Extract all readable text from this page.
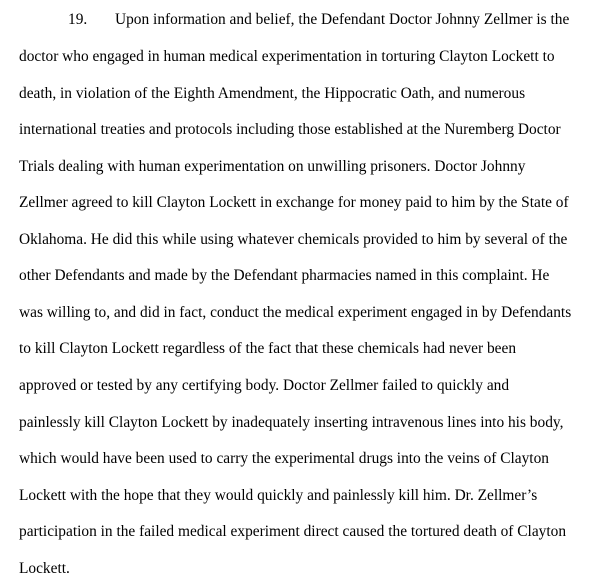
19. Upon information and belief, the Defendant Doctor Johnny Zellmer is the
doctor who engaged in human medical experimentation in torturing Clayton Lockett to
death, in violation of the Eighth Amendment, the Hippocratic Oath, and numerous
international treaties and protocols including those established at the Nuremberg Doctor
Trials dealing with human experimentation on unwilling prisoners. Doctor Johnny
Zellmer agreed to kill Clayton Lockett in exchange for money paid to him by the State of
Oklahoma. He did this while using whatever chemicals provided to him by several of the
other Defendants and made by the Defendant pharmacies named in this complaint. He
was willing to, and did in fact, conduct the medical experiment engaged in by Defendants
to kill Clayton Lockett regardless of the fact that these chemicals had never been
approved or tested by any certifying body. Doctor Zellmer failed to quickly and
painlessly kill Clayton Lockett by inadequately inserting intravenous lines into his body,
which would have been used to carry the experimental drugs into the veins of Clayton
Lockett with the hope that they would quickly and painlessly kill him. Dr. Zellmer’s
participation in the failed medical experiment direct caused the tortured death of Clayton
Lockett.
